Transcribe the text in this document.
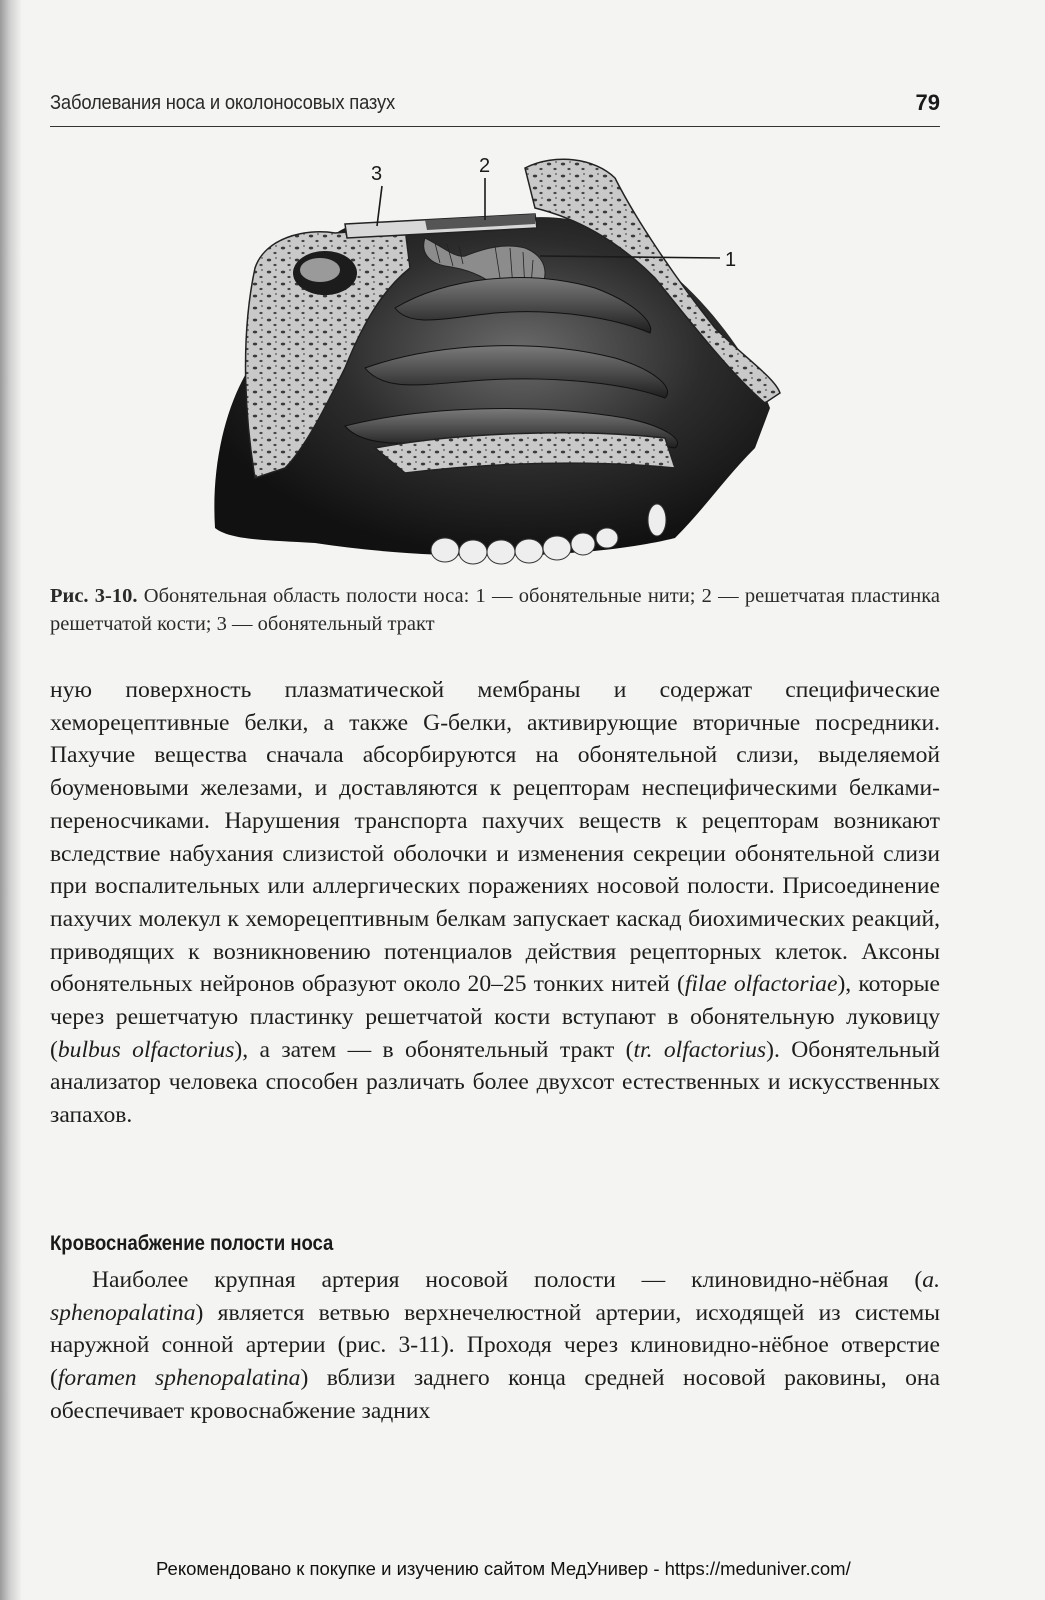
Заболевания носа и околоносовых пазух	79
3	2
1
Рис. 3-10. Обонятельная область полости носа: 1 — обонятельные нити; 2 — решетчатая пластинка решетчатой кости; 3 — обонятельный тракт

ную поверхность плазматической мембраны и содержат специфические хеморецептивные белки, а также G-белки, активирующие вторичные посредники. Пахучие вещества сначала абсорбируются на обонятельной слизи, выделяемой боуменовыми железами, и доставляются к рецепторам неспецифическими белками-переносчиками. Нарушения транспорта пахучих веществ к рецепторам возникают вследствие набухания слизистой оболочки и изменения секреции обонятельной слизи при воспалительных или аллергических поражениях носовой полости. Присоединение пахучих молекул к хеморецептивным белкам запускает каскад биохимических реакций, приводящих к возникновению потенциалов действия рецепторных клеток. Аксоны обонятельных нейронов образуют около 20–25 тонких нитей (filae olfactoriae), которые через решетчатую пластинку решетчатой кости вступают в обонятельную луковицу (bulbus olfactorius), а затем — в обонятельный тракт (tr. olfactorius). Обонятельный анализатор человека способен различать более двухсот естественных и искусственных запахов.

Кровоснабжение полости носа

Наиболее крупная артерия носовой полости — клиновидно-нёбная (a. sphenopalatina) является ветвью верхнечелюстной артерии, исходящей из системы наружной сонной артерии (рис. 3-11). Проходя через клиновидно-нёбное отверстие (foramen sphenopalatina) вблизи заднего конца средней носовой раковины, она обеспечивает кровоснабжение задних

Рекомендовано к покупке и изучению сайтом МедУнивер - https://meduniver.com/
